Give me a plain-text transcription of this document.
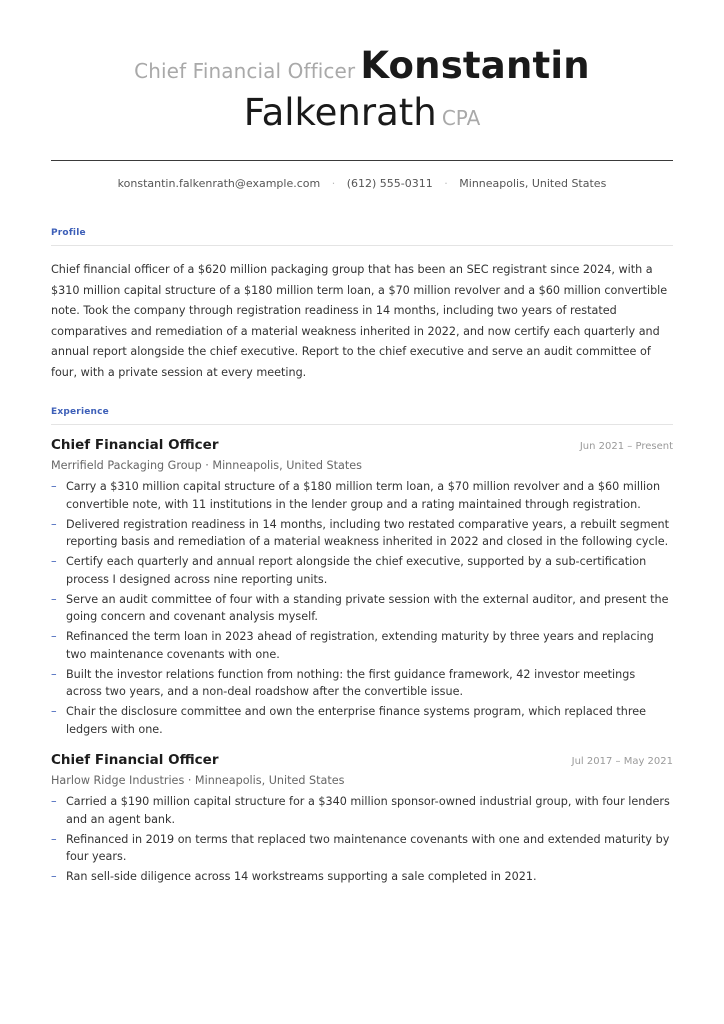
Chief Financial Officer Konstantin
Falkenrath CPA
konstantin.falkenrath@example.com · (612) 555-0311 · Minneapolis, United States
Profile

Chief financial officer of a $620 million packaging group that has been an SEC registrant since 2024, with a $310 million capital structure of a $180 million term loan, a $70 million revolver and a $60 million convertible note. Took the company through registration readiness in 14 months, including two years of restated comparatives and remediation of a material weakness inherited in 2022, and now certify each quarterly and annual report alongside the chief executive. Report to the chief executive and serve an audit committee of four, with a private session at every meeting.

Experience
Chief Financial Officer	Jun 2021 – Present
Merrifield Packaging Group · Minneapolis, United States
– Carry a $310 million capital structure of a $180 million term loan, a $70 million revolver and a $60 million convertible note, with 11 institutions in the lender group and a rating maintained through registration.
– Delivered registration readiness in 14 months, including two restated comparative years, a rebuilt segment reporting basis and remediation of a material weakness inherited in 2022 and closed in the following cycle.
– Certify each quarterly and annual report alongside the chief executive, supported by a sub-certification process I designed across nine reporting units.
– Serve an audit committee of four with a standing private session with the external auditor, and present the going concern and covenant analysis myself.
– Refinanced the term loan in 2023 ahead of registration, extending maturity by three years and replacing two maintenance covenants with one.
– Built the investor relations function from nothing: the first guidance framework, 42 investor meetings across two years, and a non-deal roadshow after the convertible issue.
– Chair the disclosure committee and own the enterprise finance systems program, which replaced three ledgers with one.
Chief Financial Officer	Jul 2017 – May 2021
Harlow Ridge Industries · Minneapolis, United States
– Carried a $190 million capital structure for a $340 million sponsor-owned industrial group, with four lenders and an agent bank.
– Refinanced in 2019 on terms that replaced two maintenance covenants with one and extended maturity by four years.
– Ran sell-side diligence across 14 workstreams supporting a sale completed in 2021.
